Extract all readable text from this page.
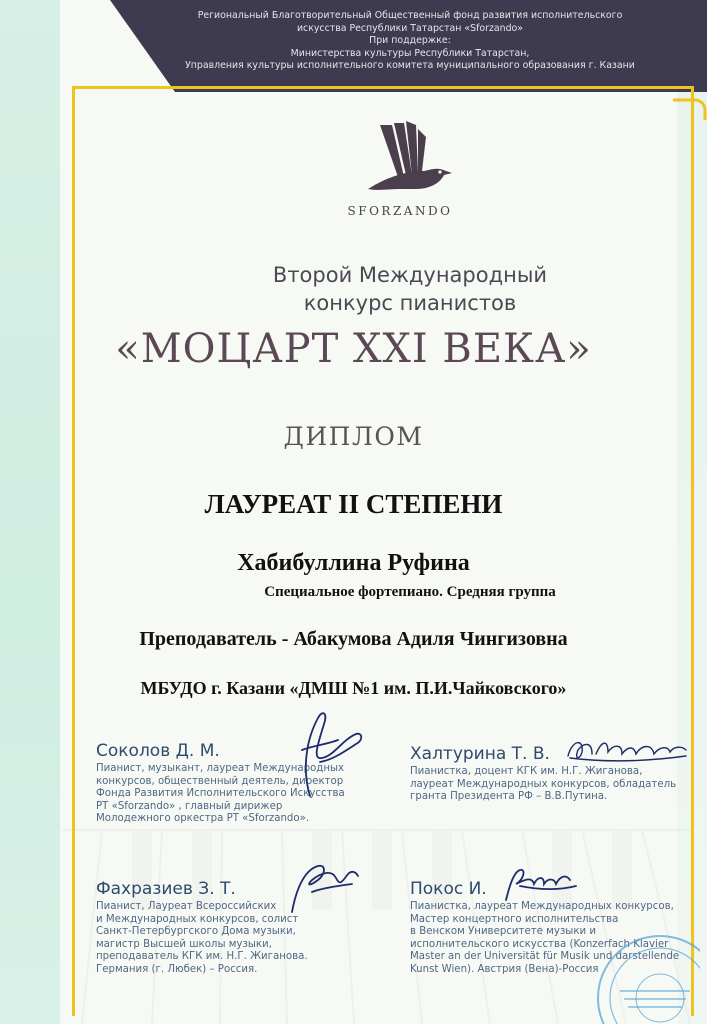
Региональный Благотворительный Общественный фонд развития исполнительского
искусства Республики Татарстан «Sforzando»
При поддержке:
Министерства культуры Республики Татарстан,
Управления культуры исполнительного комитета муниципального образования г. Казани
SFORZANDO
Второй Международный
конкурс пианистов
«МОЦАРТ XXI ВЕКА»
ДИПЛОМ
ЛАУРЕАТ II СТЕПЕНИ
Хабибуллина Руфина
Специальное фортепиано. Средняя группа
Преподаватель - Абакумова Адиля Чингизовна
МБУДО г. Казани «ДМШ №1 им. П.И.Чайковского»
Соколов Д. М.
Пианист, музыкант, лауреат Международных
конкурсов, общественный деятель, директор
Фонда Развития Исполнительского Искусства
РТ «Sforzando» , главный дирижер
Молодежного оркестра РТ «Sforzando».
Халтурина Т. В.
Пианистка, доцент КГК им. Н.Г. Жиганова,
лауреат Международных конкурсов, обладатель
гранта Президента РФ – В.В.Путина.
Фахразиев З. Т.
Пианист, Лауреат Всероссийских
и Международных конкурсов, солист
Санкт-Петербургского Дома музыки,
магистр Высшей школы музыки,
преподаватель КГК им. Н.Г. Жиганова.
Германия (г. Любек) – Россия.
Покос И.
Пианистка, лауреат Международных конкурсов,
Мастер концертного исполнительства
в Венском Университете музыки и
исполнительского искусства (Konzerfach Klavier
Master an der Universität für Musik und darstellende
Kunst Wien). Австрия (Вена)-Россия
